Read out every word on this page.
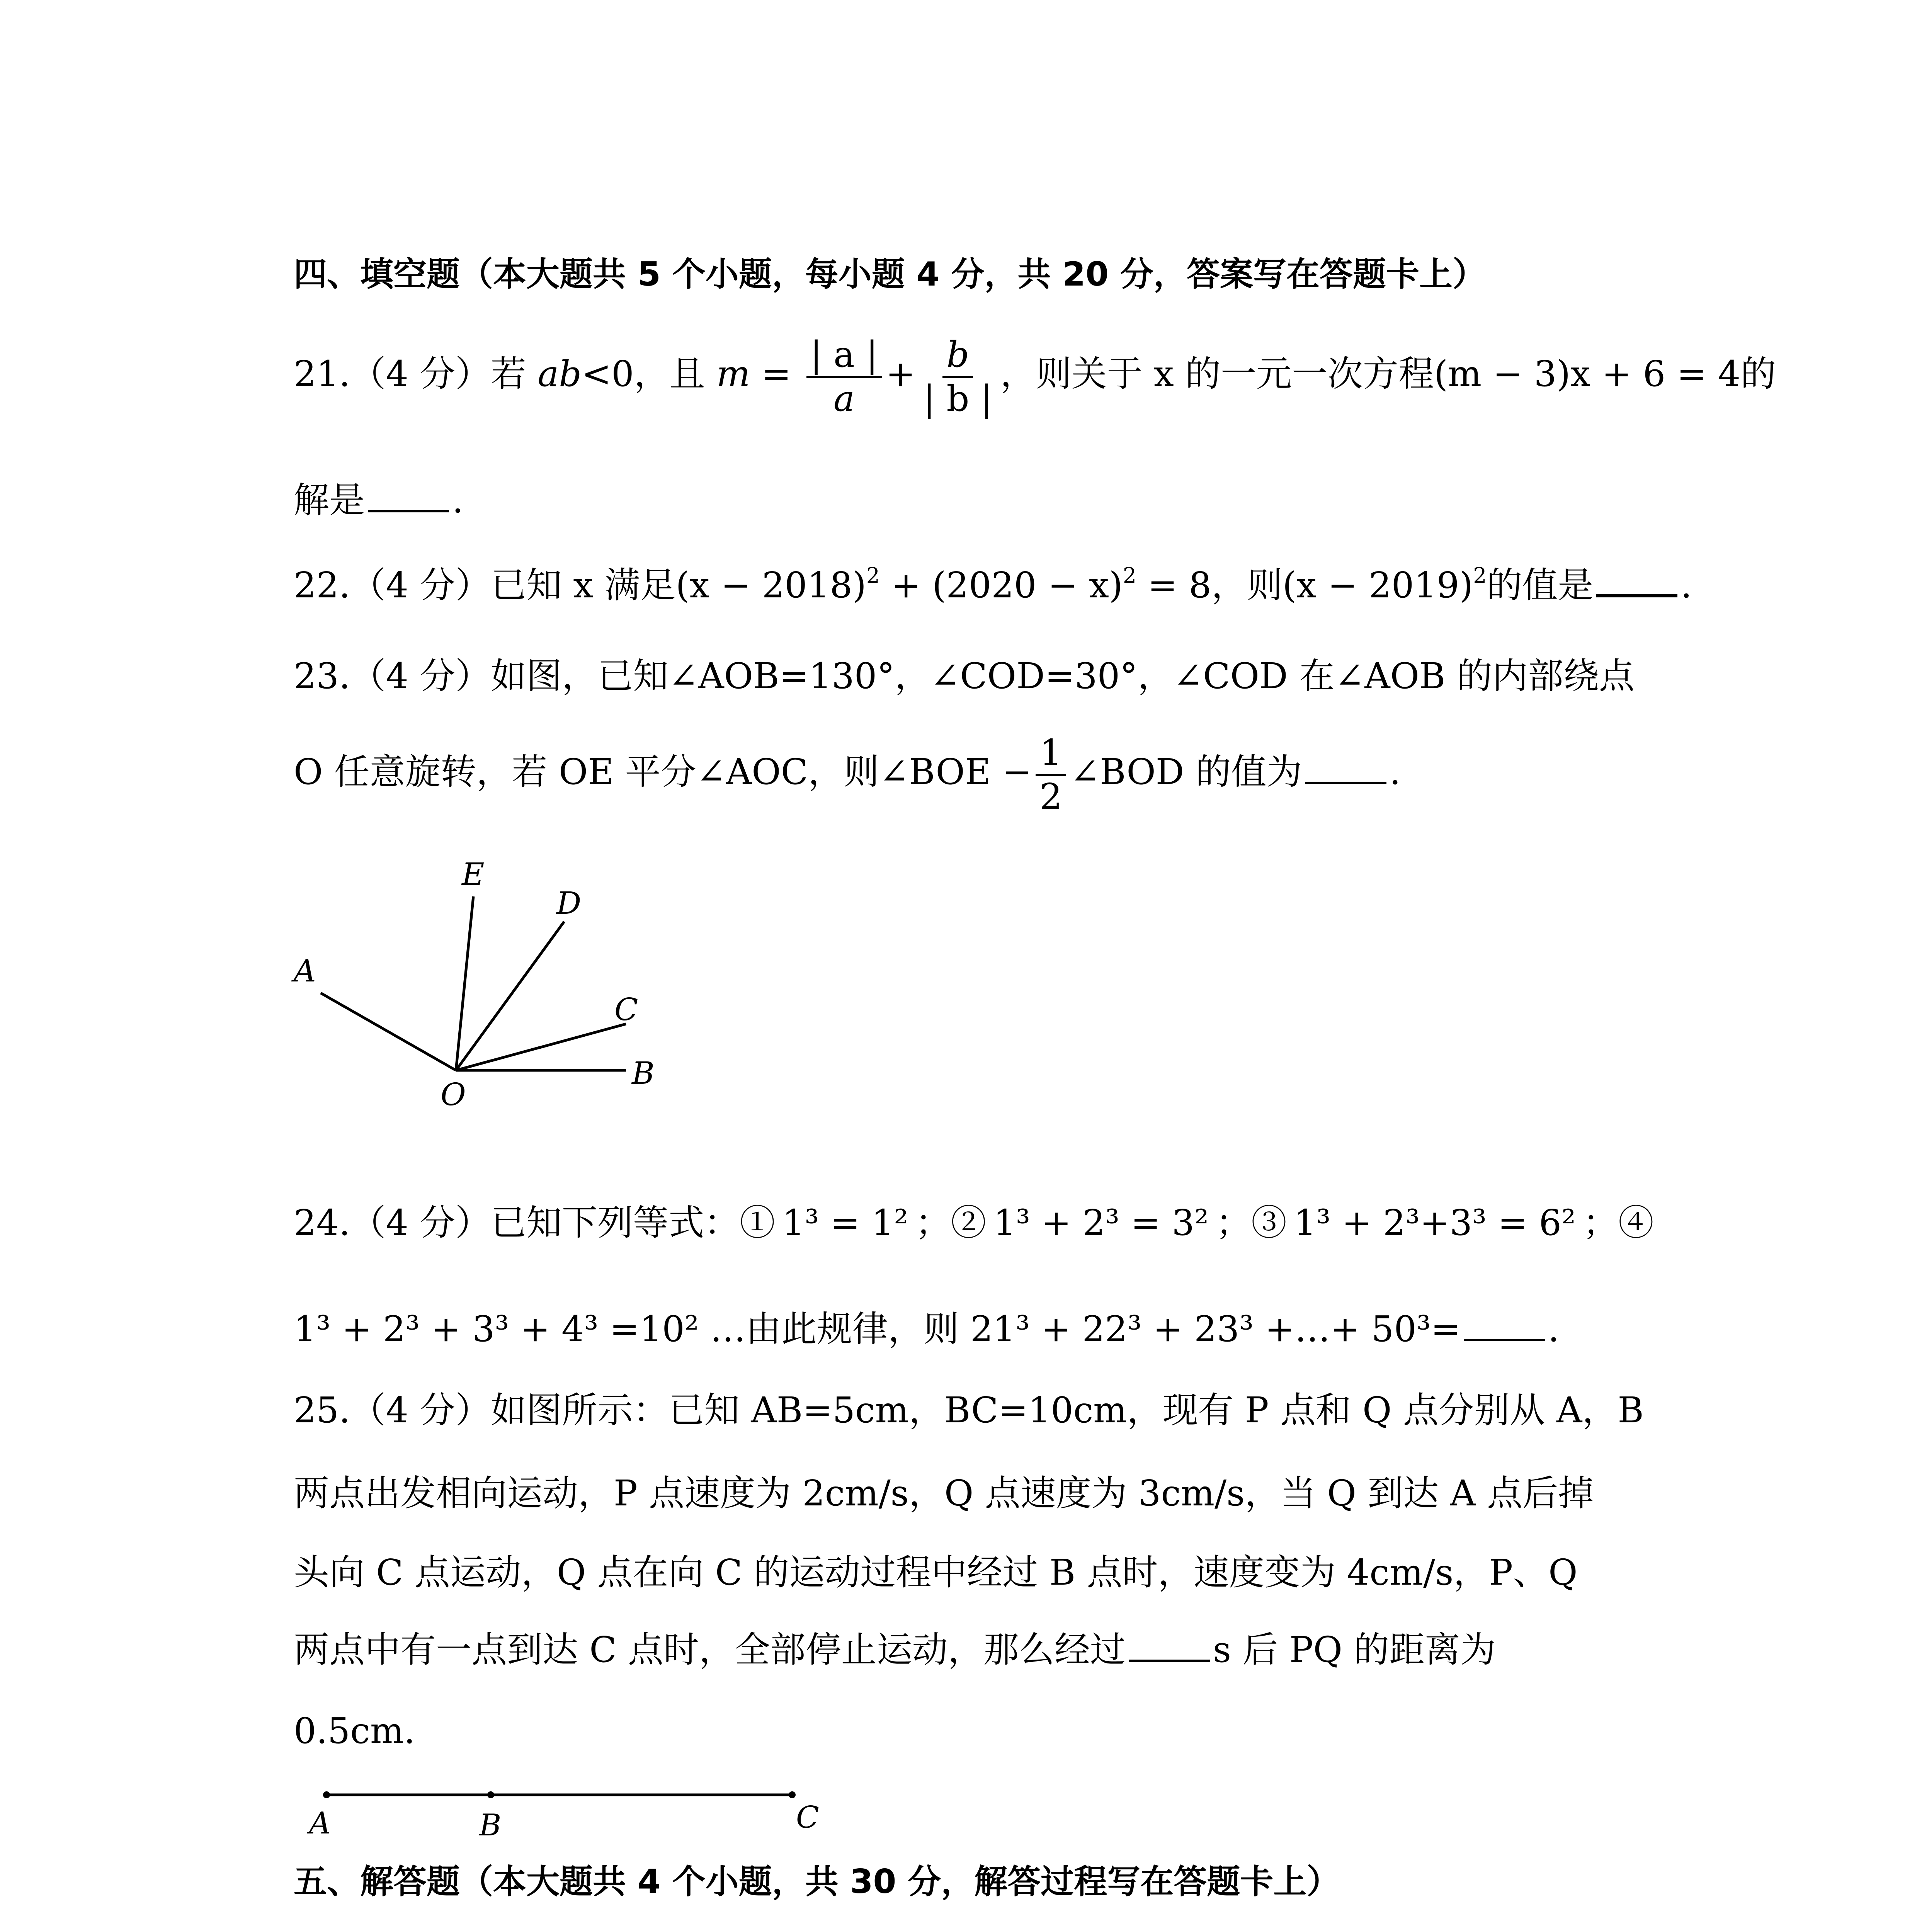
四、填空题（本大题共 5 个小题，每小题 4 分，共 20 分，答案写在答题卡上）
21.（4 分）若 ab<0，且 $m = \frac{| a |}{a} + \frac{b}{| b |}$ ，则关于 x 的一元一次方程(m − 3)x + 6 = 4的
解是 .
22.（4 分）已知 x 满足$(x - 2018)^2 + (2020 - x)^2 = 8$，则$(x - 2019)^2$的值是 .
23.（4 分）如图，已知∠AOB=130°，∠COD=30°，∠COD 在∠AOB 的内部绕点
O 任意旋转，若 OE 平分∠AOC，则∠BOE − $\frac{1}{2}$ ∠BOD 的值为 .
A
E
D
C
B
O
24.（4 分）已知下列等式：① 1³ = 1² ；② 1³ + 2³ = 3² ；③ 1³ + 2³+3³ = 6² ；④
1³ + 2³ + 3³ + 4³ =10² …由此规律，则 21³ + 22³ + 23³ +…+ 50³= .
25.（4 分）如图所示：已知 AB=5cm，BC=10cm，现有 P 点和 Q 点分别从 A，B
两点出发相向运动，P 点速度为 2cm/s，Q 点速度为 3cm/s，当 Q 到达 A 点后掉
头向 C 点运动，Q 点在向 C 的运动过程中经过 B 点时，速度变为 4cm/s，P、Q
两点中有一点到达 C 点时，全部停止运动，那么经过 s 后 PQ 的距离为
0.5cm.
A	B	C
五、解答题（本大题共 4 个小题，共 30 分，解答过程写在答题卡上）
